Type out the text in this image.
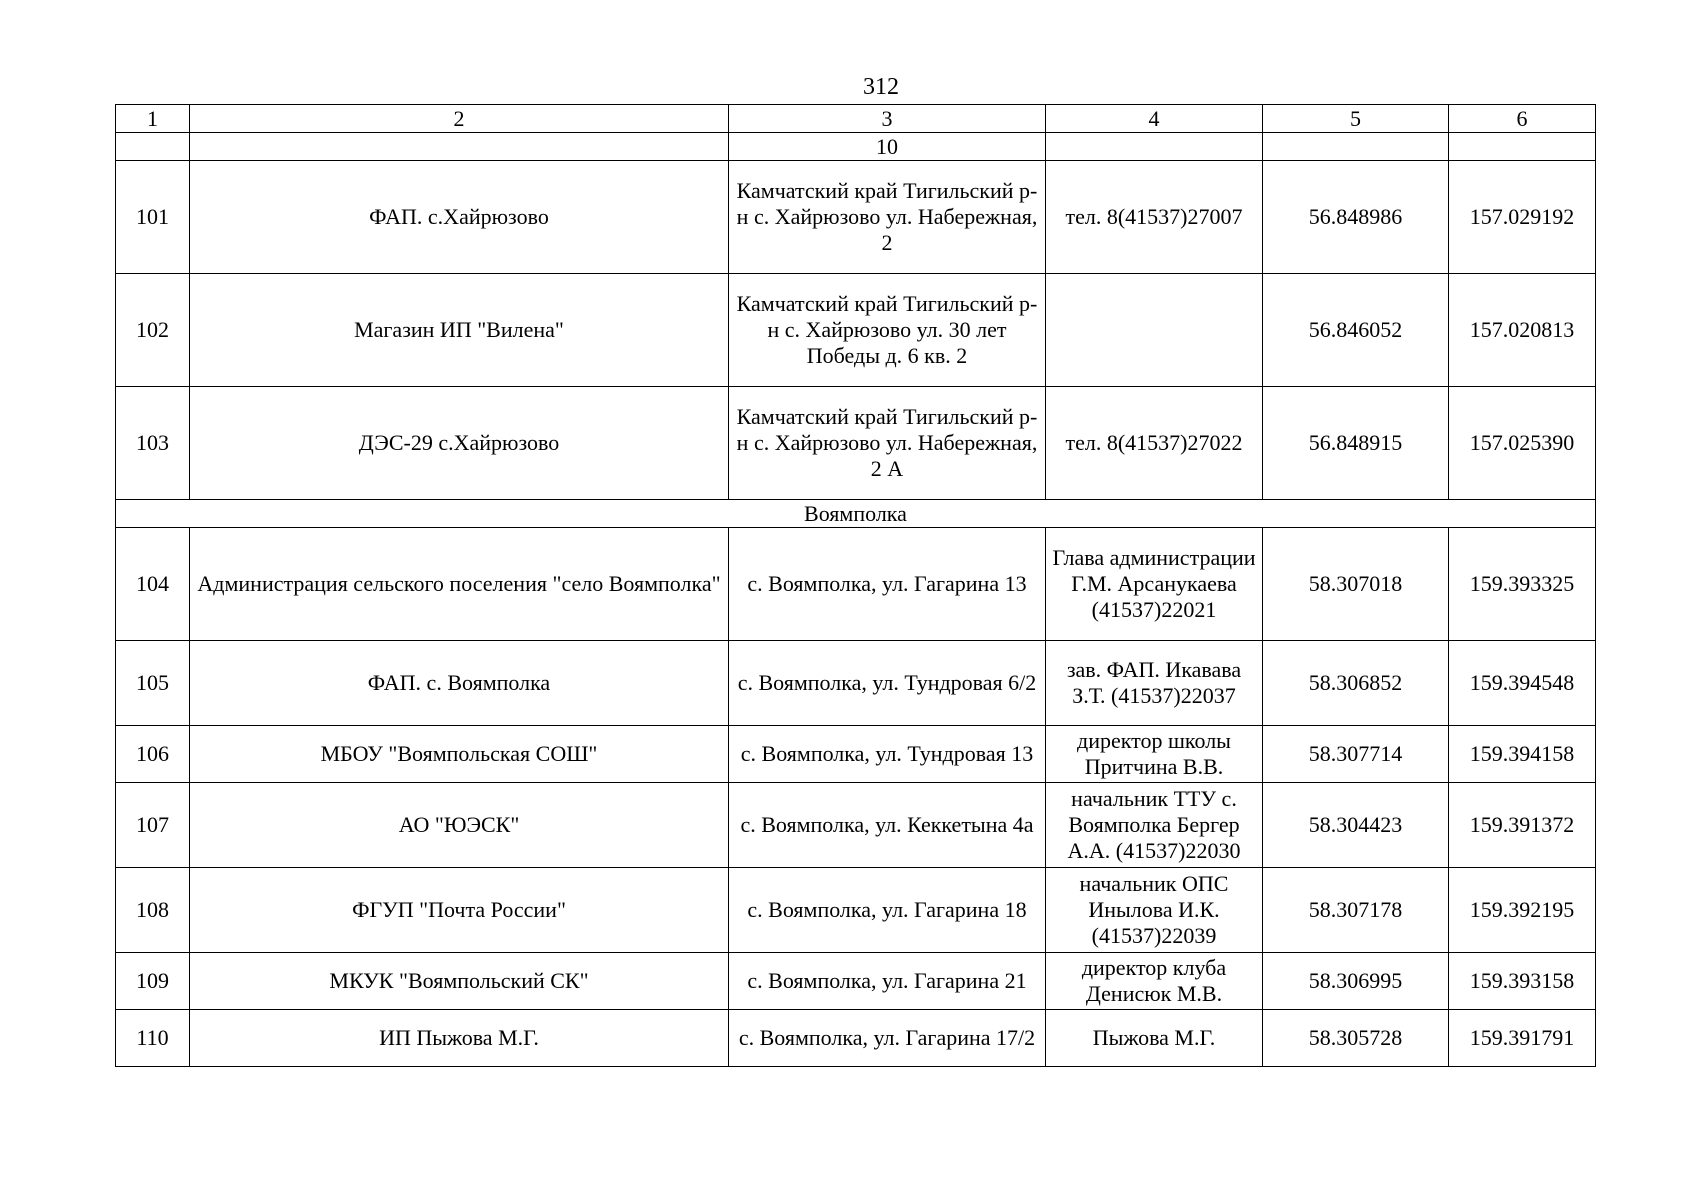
312
1	2	3	4	5	6
		10			
101	ФАП. с.Хайрюзово	Камчатский край Тигильский р-н с. Хайрюзово ул. Набережная, 2	тел. 8(41537)27007	56.848986	157.029192
102	Магазин ИП "Вилена"	Камчатский край Тигильский р-н с. Хайрюзово ул. 30 лет Победы д. 6 кв. 2		56.846052	157.020813
103	ДЭС-29 с.Хайрюзово	Камчатский край Тигильский р-н с. Хайрюзово ул. Набережная, 2 А	тел. 8(41537)27022	56.848915	157.025390
Воямполка					
104	Администрация сельского поселения "село Воямполка"	с. Воямполка, ул. Гагарина 13	Глава администрации Г.М. Арсанукаева (41537)22021	58.307018	159.393325
105	ФАП. с. Воямполка	с. Воямполка, ул. Тундровая 6/2	зав. ФАП. Икавава З.Т. (41537)22037	58.306852	159.394548
106	МБОУ "Воямпольская СОШ"	с. Воямполка, ул. Тундровая 13	директор школы Притчина В.В.	58.307714	159.394158
107	АО "ЮЭСК"	с. Воямполка, ул. Кеккетына 4а	начальник ТТУ с. Воямполка Бергер А.А. (41537)22030	58.304423	159.391372
108	ФГУП "Почта России"	с. Воямполка, ул. Гагарина 18	начальник ОПС Инылова И.К. (41537)22039	58.307178	159.392195
109	МКУК "Воямпольский СК"	с. Воямполка, ул. Гагарина 21	директор клуба Денисюк М.В.	58.306995	159.393158
110	ИП Пыжова М.Г.	с. Воямполка, ул. Гагарина 17/2	Пыжова М.Г.	58.305728	159.391791
